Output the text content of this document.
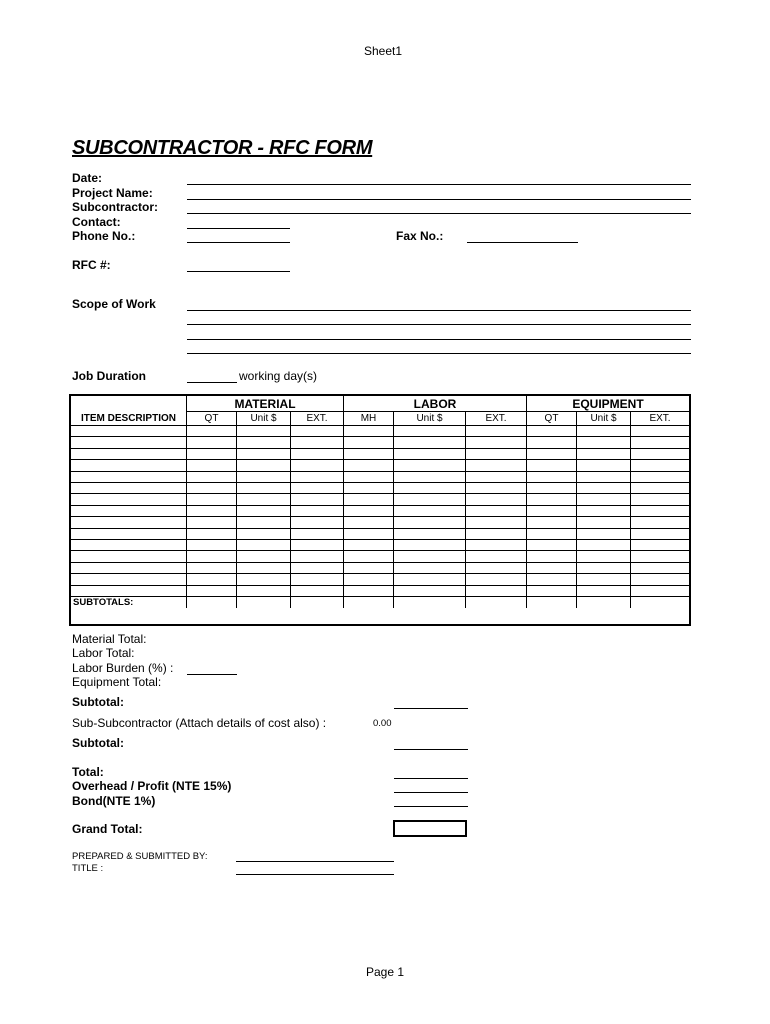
Sheet1
SUBCONTRACTOR - RFC FORM
Date:
Project Name:
Subcontractor:
Contact:
Phone No.:	Fax No.:
RFC #:
Scope of Work
Job Duration	working day(s)
MATERIAL	LABOR	EQUIPMENT
ITEM DESCRIPTION	QT	Unit $	EXT.	MH	Unit $	EXT.	QT	Unit $	EXT.
SUBTOTALS:
Material Total:
Labor Total:
Labor Burden (%) :
Equipment Total:
Subtotal:
Sub-Subcontractor (Attach details of cost also) :	0.00
Subtotal:
Total:
Overhead / Profit (NTE 15%)
Bond(NTE 1%)
Grand Total:
PREPARED & SUBMITTED BY:
TITLE :
Page 1
